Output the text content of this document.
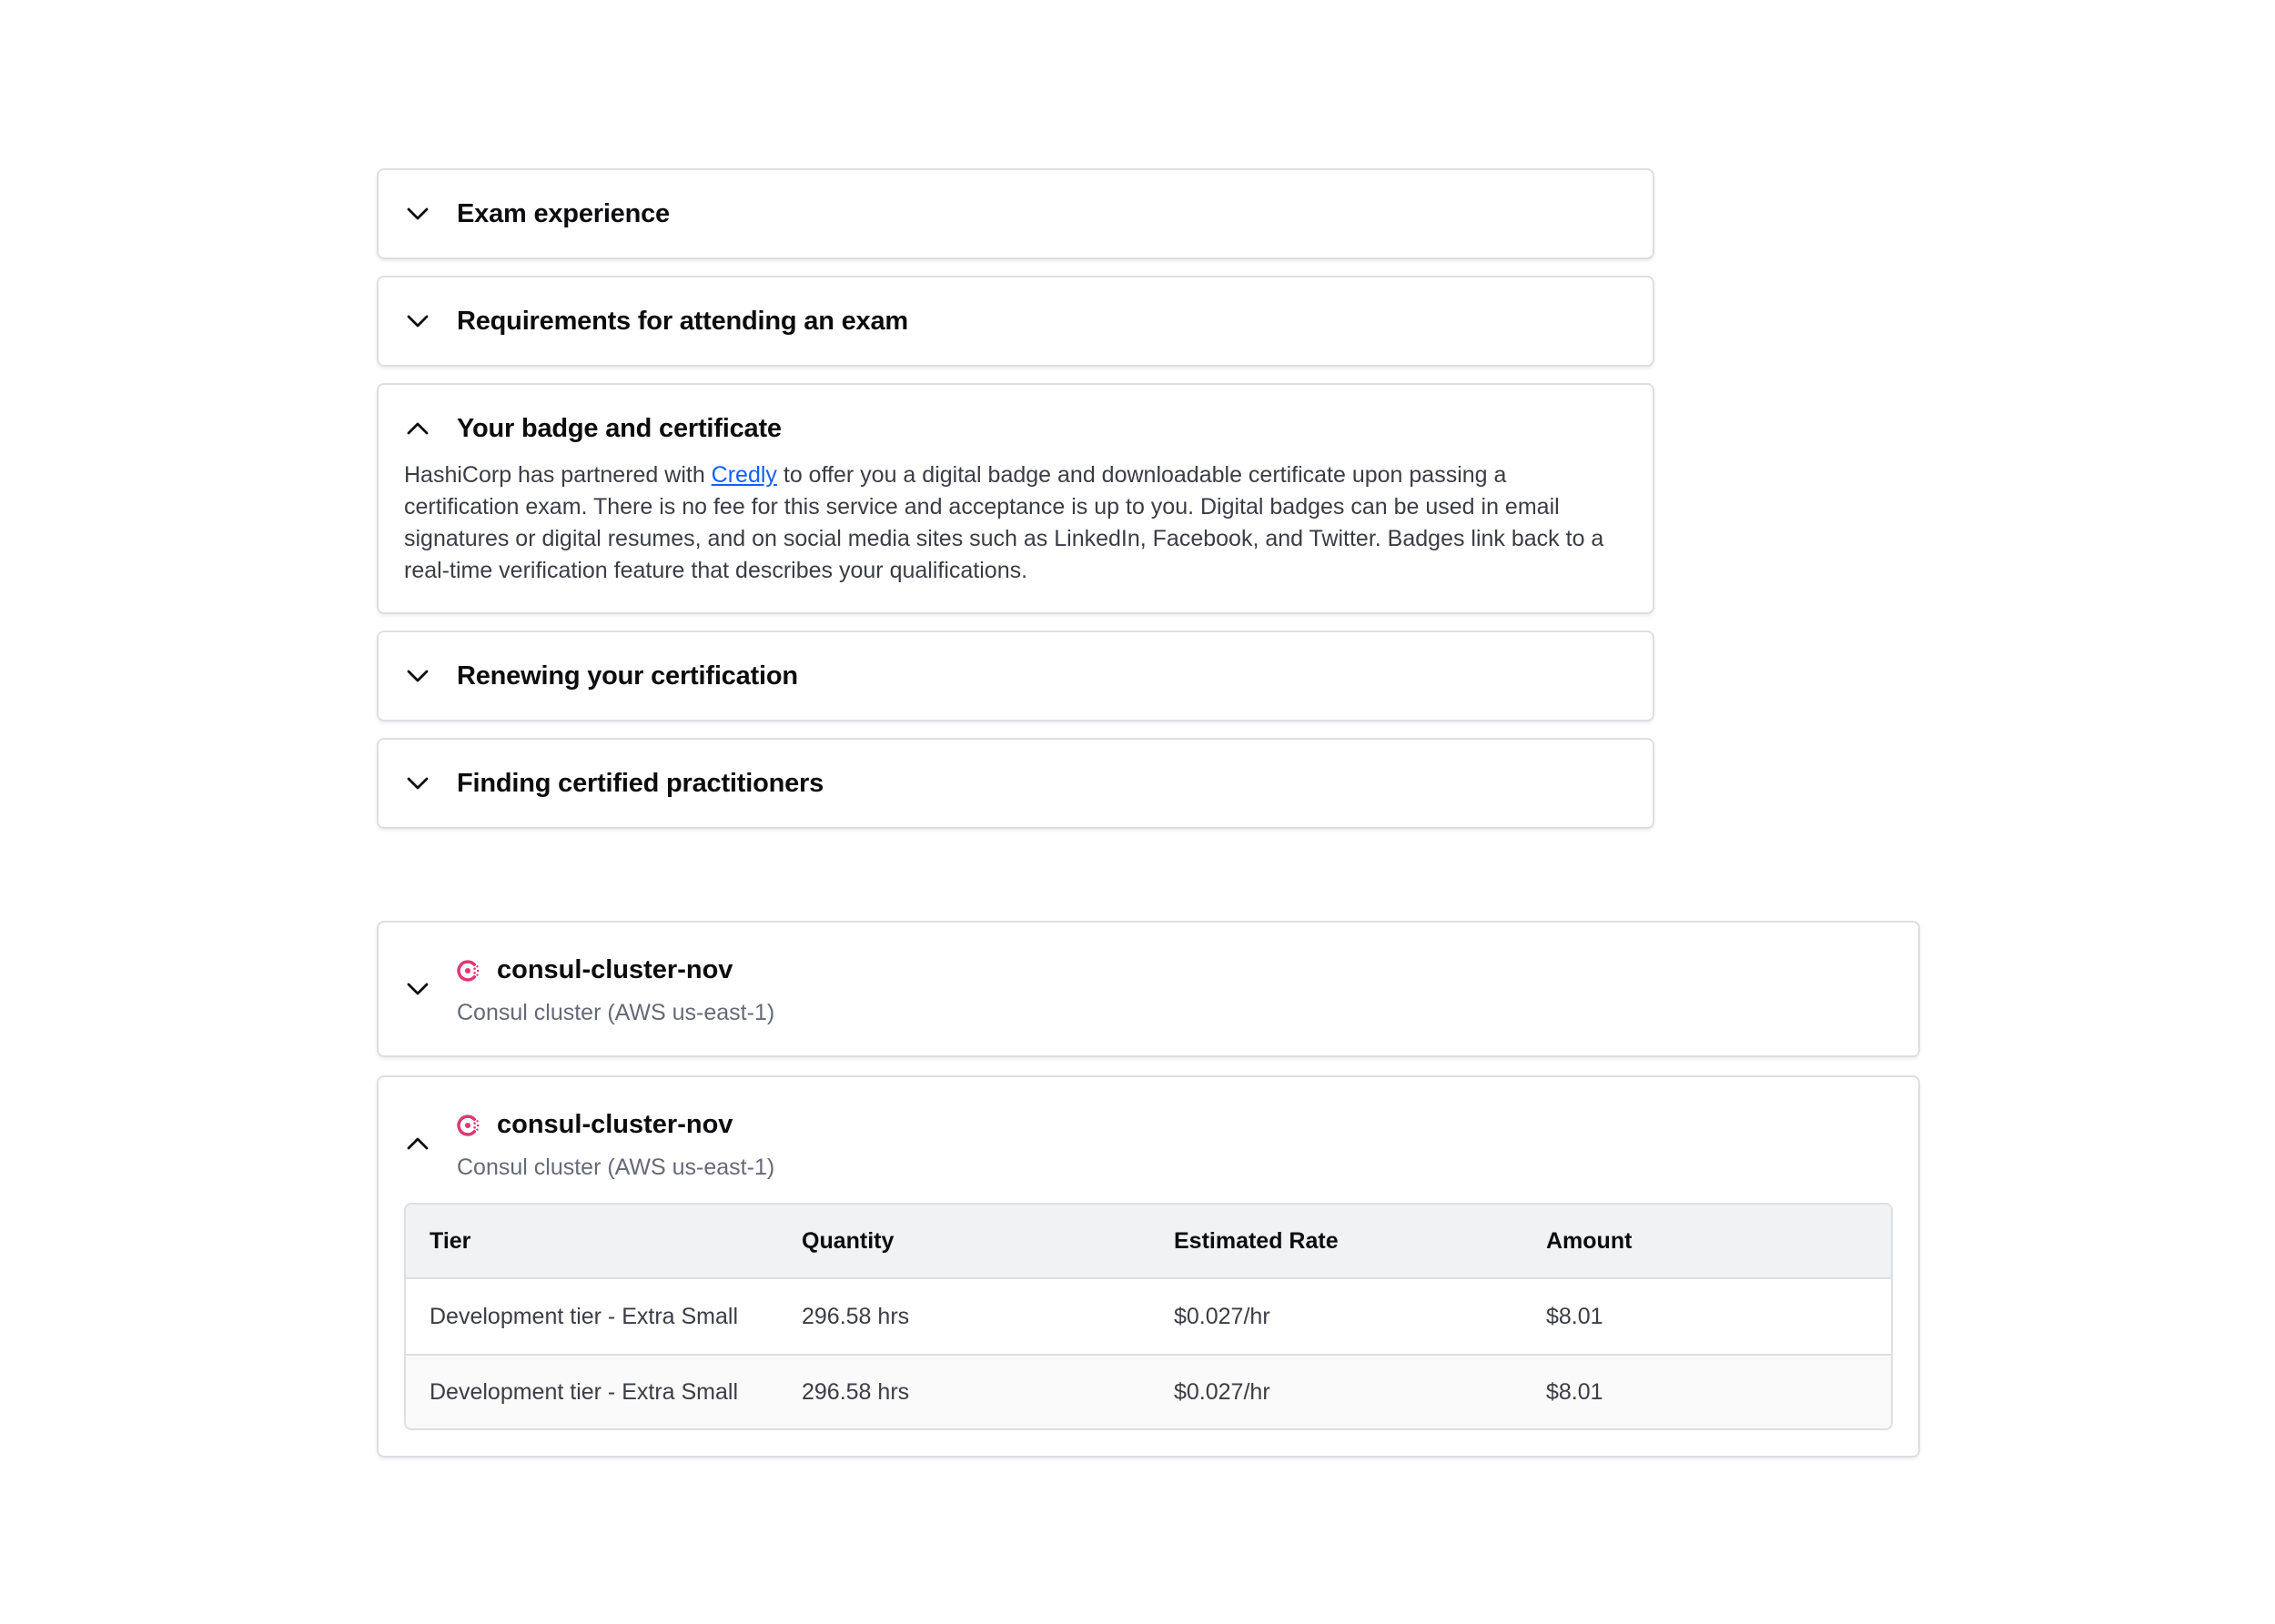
Exam experience
Requirements for attending an exam
Your badge and certificate
HashiCorp has partnered with Credly to offer you a digital badge and downloadable certificate upon passing a certification exam. There is no fee for this service and acceptance is up to you. Digital badges can be used in email signatures or digital resumes, and on social media sites such as LinkedIn, Facebook, and Twitter. Badges link back to a real-time verification feature that describes your qualifications.
Renewing your certification
Finding certified practitioners
consul-cluster-nov
Consul cluster (AWS us-east-1)
consul-cluster-nov
Consul cluster (AWS us-east-1)
Tier	Quantity	Estimated Rate	Amount
Development tier - Extra Small	296.58 hrs	$0.027/hr	$8.01
Development tier - Extra Small	296.58 hrs	$0.027/hr	$8.01
